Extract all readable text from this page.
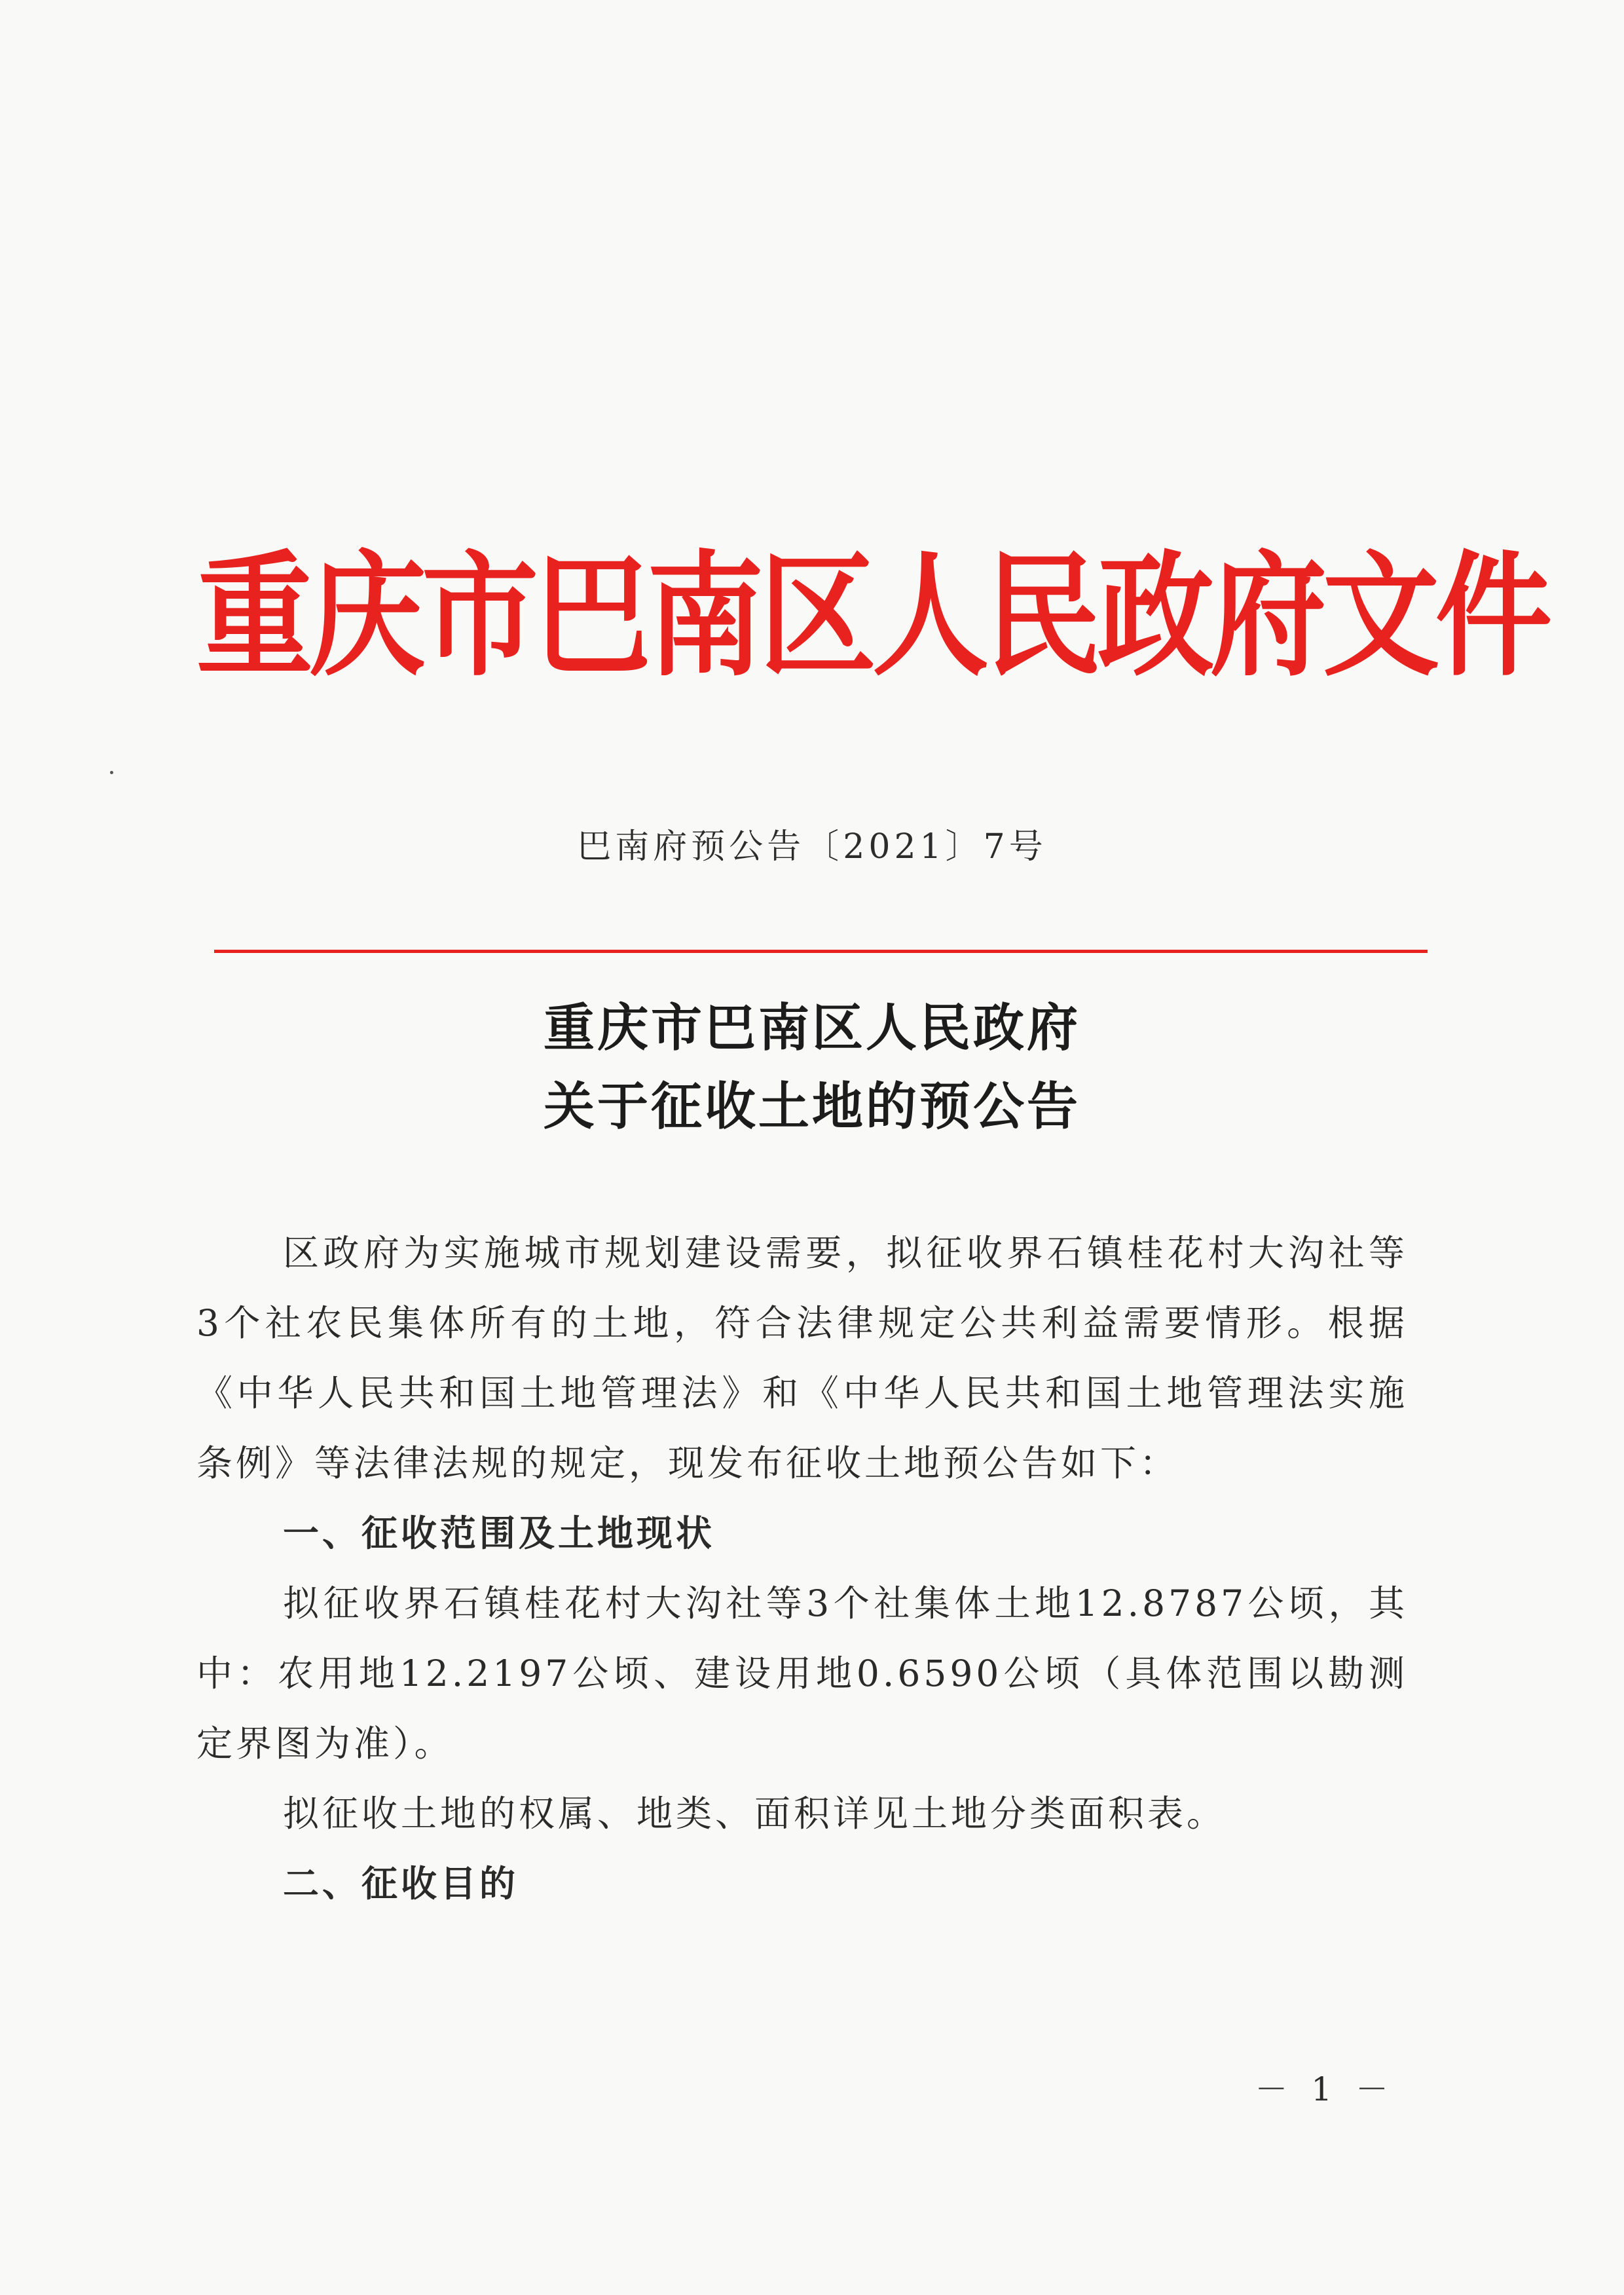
重庆市巴南区人民政府文件
巴南府预公告〔2021〕7号
重庆市巴南区人民政府
关于征收土地的预公告

区政府为实施城市规划建设需要，拟征收界石镇桂花村大沟社等3个社农民集体所有的土地，符合法律规定公共利益需要情形。根据《中华人民共和国土地管理法》和《中华人民共和国土地管理法实施条例》等法律法规的规定，现发布征收土地预公告如下：

一、征收范围及土地现状

拟征收界石镇桂花村大沟社等3个社集体土地12.8787公顷，其中：农用地12.2197公顷、建设用地0.6590公顷（具体范围以勘测定界图为准）。

拟征收土地的权属、地类、面积详见土地分类面积表。

二、征收目的

－ 1 －
